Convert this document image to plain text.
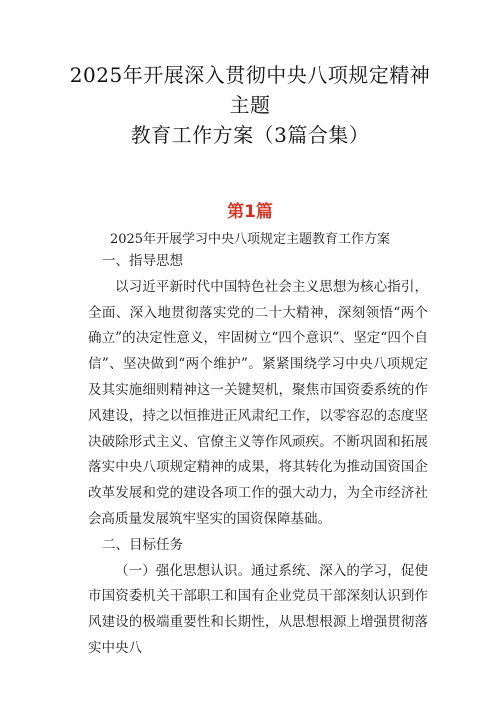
2025年开展深入贯彻中央八项规定精神主题
教育工作方案（3篇合集）
第1篇
2025年开展学习中央八项规定主题教育工作方案

一、指导思想

以习近平新时代中国特色社会主义思想为核心指引，全面、深入地贯彻落实党的二十大精神，深刻领悟“两个确立”的决定性意义，牢固树立“四个意识”、坚定“四个自信”、坚决做到“两个维护”。紧紧围绕学习中央八项规定及其实施细则精神这一关键契机，聚焦市国资委系统的作风建设，持之以恒推进正风肃纪工作，以零容忍的态度坚决破除形式主义、官僚主义等作风顽疾。不断巩固和拓展落实中央八项规定精神的成果，将其转化为推动国资国企改革发展和党的建设各项工作的强大动力，为全市经济社会高质量发展筑牢坚实的国资保障基础。

二、目标任务

（一）强化思想认识。通过系统、深入的学习，促使市国资委机关干部职工和国有企业党员干部深刻认识到作风建设的极端重要性和长期性，从思想根源上增强贯彻落实中央八
